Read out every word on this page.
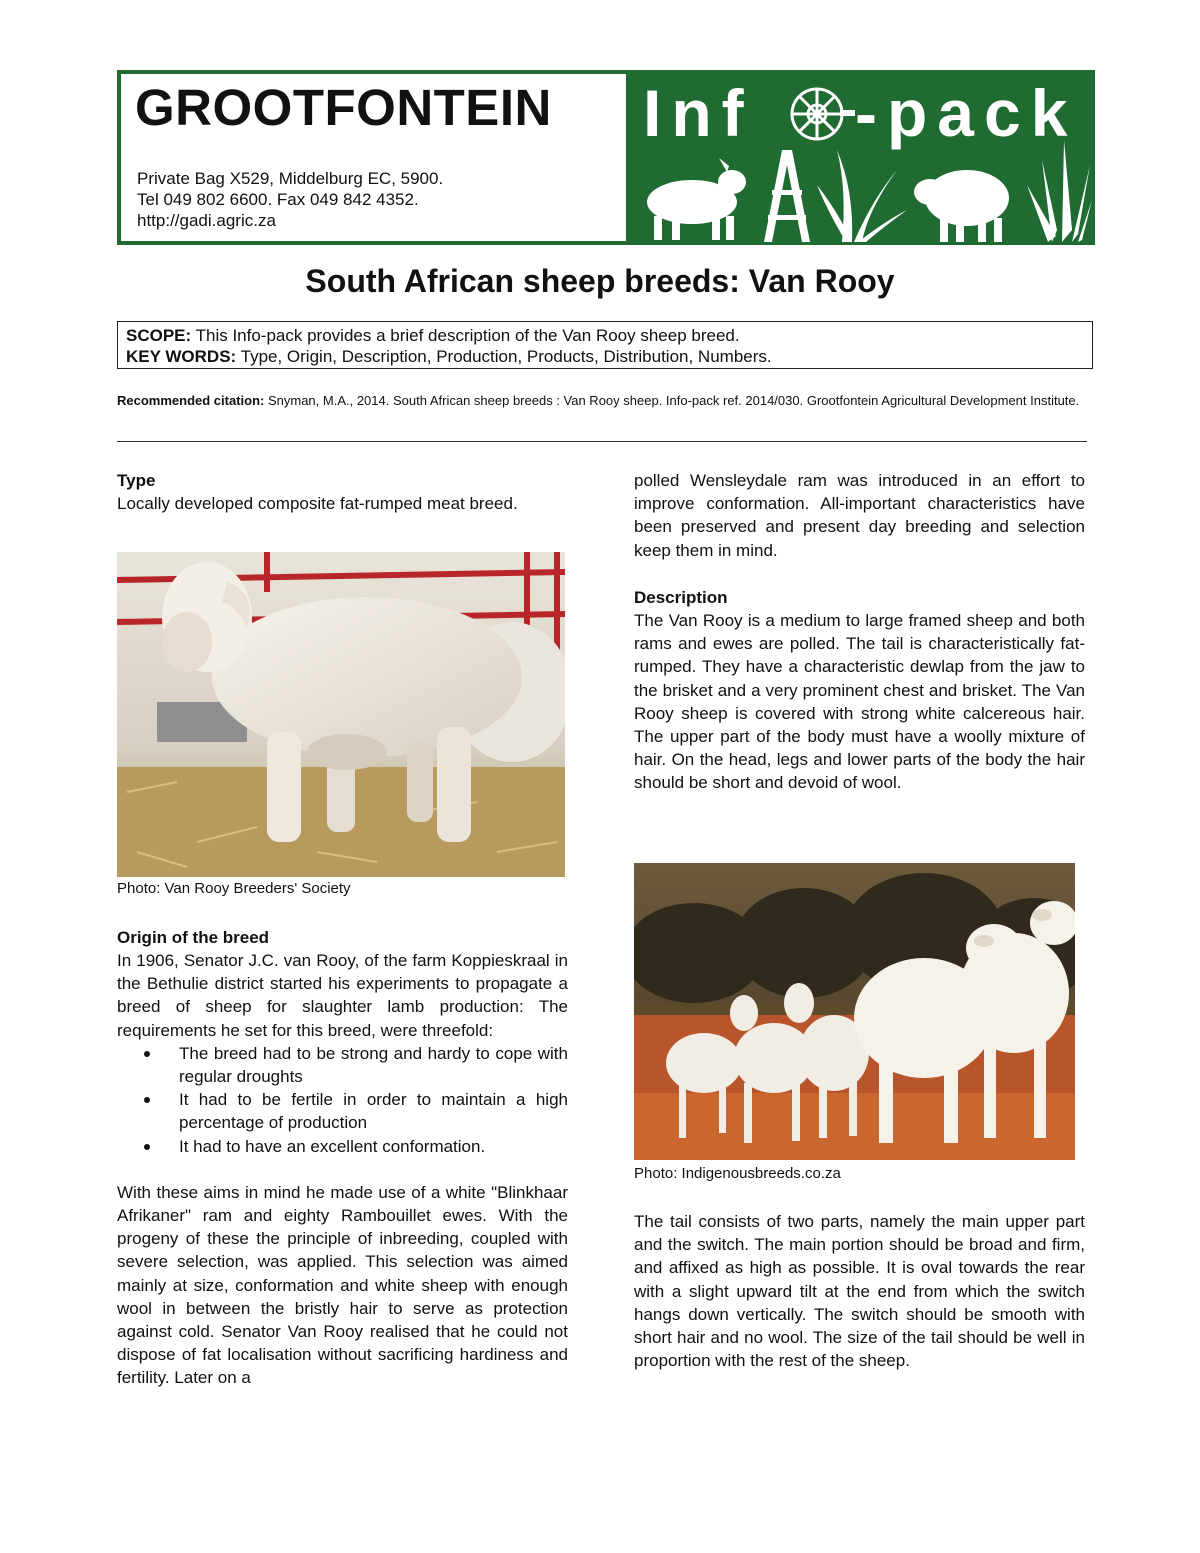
GROOTFONTEIN
Private Bag X529, Middelburg EC, 5900.
Tel 049 802 6600. Fax 049 842 4352.
http://gadi.agric.za
Inf -pack
South African sheep breeds: Van Rooy
SCOPE: This Info-pack provides a brief description of the Van Rooy sheep breed.
KEY WORDS: Type, Origin, Description, Production, Products, Distribution, Numbers.
Recommended citation: Snyman, M.A., 2014. South African sheep breeds : Van Rooy sheep. Info-pack ref. 2014/030. Grootfontein Agricultural Development Institute.
Type
Locally developed composite fat-rumped meat breed.
Photo: Van Rooy Breeders' Society
Origin of the breed
In 1906, Senator J.C. van Rooy, of the farm Koppieskraal in the Bethulie district started his experiments to propagate a breed of sheep for slaughter lamb production: The requirements he set for this breed, were threefold:
The breed had to be strong and hardy to cope with regular droughts
It had to be fertile in order to maintain a high percentage of production
It had to have an excellent conformation.
With these aims in mind he made use of a white "Blinkhaar Afrikaner" ram and eighty Rambouillet ewes. With the progeny of these the principle of inbreeding, coupled with severe selection, was applied. This selection was aimed mainly at size, conformation and white sheep with enough wool in between the bristly hair to serve as protection against cold. Senator Van Rooy realised that he could not dispose of fat localisation without sacrificing hardiness and fertility. Later on a
polled Wensleydale ram was introduced in an effort to improve conformation. All-important characteristics have been preserved and present day breeding and selection keep them in mind.
Description
The Van Rooy is a medium to large framed sheep and both rams and ewes are polled. The tail is characteristically fat-rumped. They have a characteristic dewlap from the jaw to the brisket and a very prominent chest and brisket. The Van Rooy sheep is covered with strong white calcereous hair. The upper part of the body must have a woolly mixture of hair. On the head, legs and lower parts of the body the hair should be short and devoid of wool.
Photo: Indigenousbreeds.co.za
The tail consists of two parts, namely the main upper part and the switch. The main portion should be broad and firm, and affixed as high as possible. It is oval towards the rear with a slight upward tilt at the end from which the switch hangs down vertically. The switch should be smooth with short hair and no wool. The size of the tail should be well in proportion with the rest of the sheep.
